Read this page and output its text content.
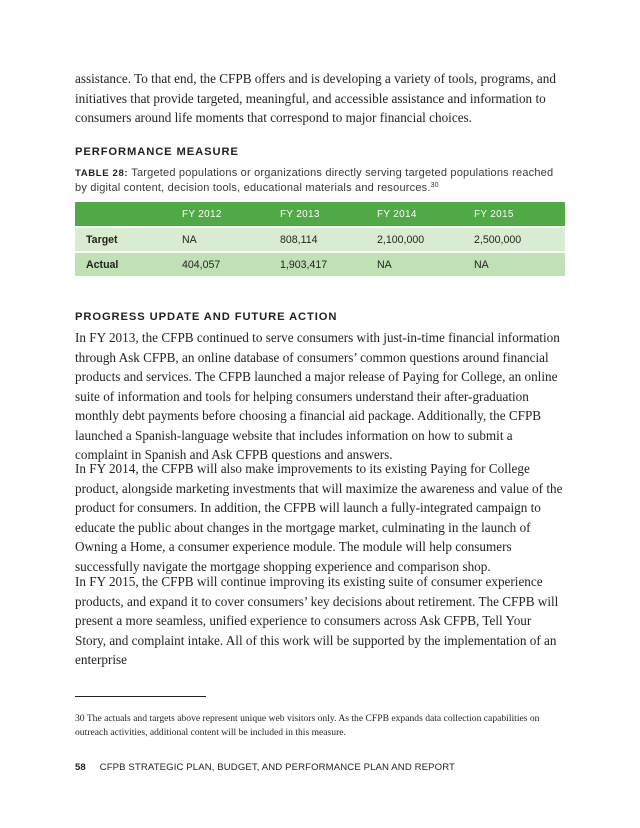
assistance. To that end, the CFPB offers and is developing a variety of tools, programs, and initiatives that provide targeted, meaningful, and accessible assistance and information to consumers around life moments that correspond to major financial choices.

PERFORMANCE MEASURE

TABLE 28: Targeted populations or organizations directly serving targeted populations reached by digital content, decision tools, educational materials and resources.$^{30}$

	FY 2012	FY 2013	FY 2014	FY 2015
Target	NA	808,114	2,100,000	2,500,000
Actual	404,057	1,903,417	NA	NA
PROGRESS UPDATE AND FUTURE ACTION

In FY 2013, the CFPB continued to serve consumers with just-in-time financial information through Ask CFPB, an online database of consumers’ common questions around financial products and services. The CFPB launched a major release of Paying for College, an online suite of information and tools for helping consumers understand their after-graduation monthly debt payments before choosing a financial aid package. Additionally, the CFPB launched a Spanish-language website that includes information on how to submit a complaint in Spanish and Ask CFPB questions and answers.

In FY 2014, the CFPB will also make improvements to its existing Paying for College product, alongside marketing investments that will maximize the awareness and value of the product for consumers. In addition, the CFPB will launch a fully-integrated campaign to educate the public about changes in the mortgage market, culminating in the launch of Owning a Home, a consumer experience module. The module will help consumers successfully navigate the mortgage shopping experience and comparison shop.

In FY 2015, the CFPB will continue improving its existing suite of consumer experience products, and expand it to cover consumers’ key decisions about retirement. The CFPB will present a more seamless, unified experience to consumers across Ask CFPB, Tell Your Story, and complaint intake. All of this work will be supported by the implementation of an enterprise

30 The actuals and targets above represent unique web visitors only. As the CFPB expands data collection capabilities on outreach activities, additional content will be included in this measure.

58 CFPB STRATEGIC PLAN, BUDGET, AND PERFORMANCE PLAN AND REPORT
